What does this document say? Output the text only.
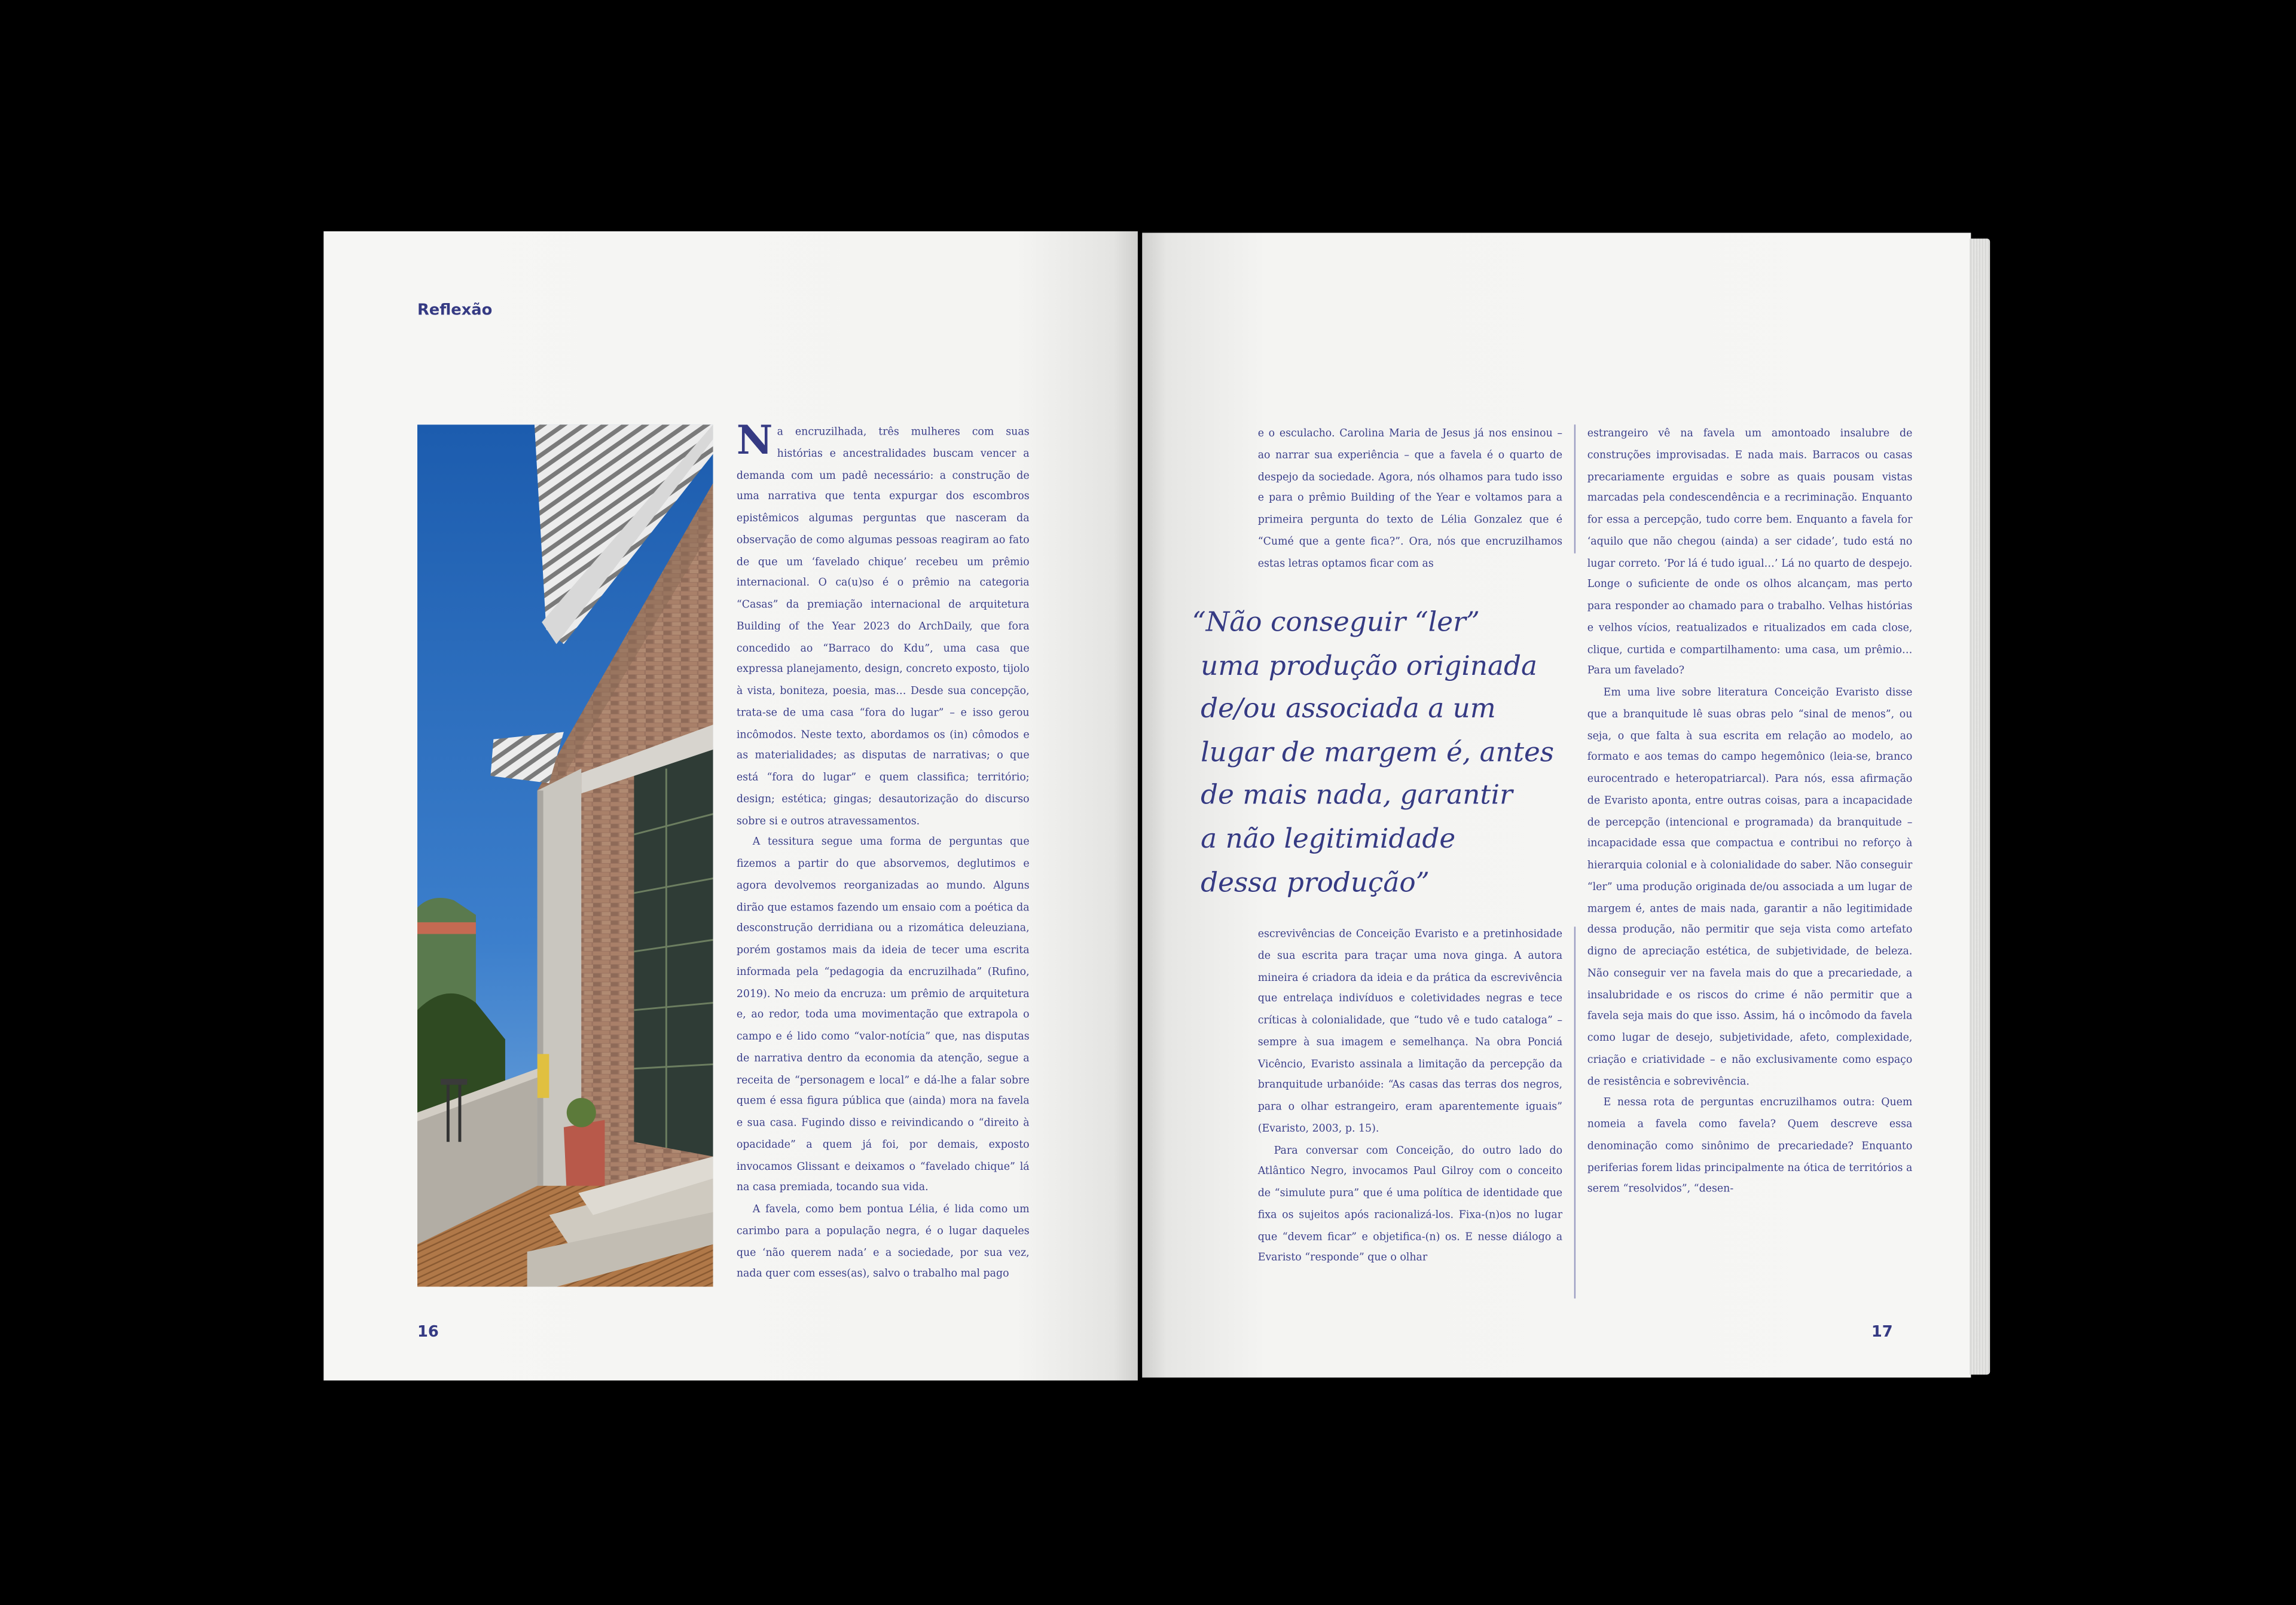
Reflexão

N a encruzilhada, três mulheres com suas histórias e ancestralidades buscam vencer a demanda com um padê necessário: a construção de uma narrativa que tenta expurgar dos escombros epistêmicos algumas perguntas que nasceram da observação de como algumas pessoas reagiram ao fato de que um ‘favelado chique’ recebeu um prêmio internacional. O ca(u)so é o prêmio na categoria “Casas” da premiação internacional de arquitetura Building of the Year 2023 do ArchDaily, que fora concedido ao “Barraco do Kdu”, uma casa que expressa planejamento, design, concreto exposto, tijolo à vista, boniteza, poesia, mas… Desde sua concepção, trata-se de uma casa “fora do lugar” – e isso gerou incômodos. Neste texto, abordamos os (in) cômodos e as materialidades; as disputas de narrativas; o que está “fora do lugar” e quem classifica; território; design; estética; gingas; desautorização do discurso sobre si e outros atravessamentos.

A tessitura segue uma forma de perguntas que fizemos a partir do que absorvemos, deglutimos e agora devolvemos reorganizadas ao mundo. Alguns dirão que estamos fazendo um ensaio com a poética da desconstrução derridiana ou a rizomática deleuziana, porém gostamos mais da ideia de tecer uma escrita informada pela “pedagogia da encruzilhada” (Rufino, 2019). No meio da encruza: um prêmio de arquitetura e, ao redor, toda uma movimentação que extrapola o campo e é lido como “valor-notícia” que, nas disputas de narrativa dentro da economia da atenção, segue a receita de “personagem e local” e dá-lhe a falar sobre quem é essa figura pública que (ainda) mora na favela e sua casa. Fugindo disso e reivindicando o “direito à opacidade” a quem já foi, por demais, exposto invocamos Glissant e deixamos o “favelado chique” lá na casa premiada, tocando sua vida.

A favela, como bem pontua Lélia, é lida como um carimbo para a população negra, é o lugar daqueles que ‘não querem nada’ e a sociedade, por sua vez, nada quer com esses(as), salvo o trabalho mal pago

16

e o esculacho. Carolina Maria de Jesus já nos ensinou – ao narrar sua experiência – que a favela é o quarto de despejo da sociedade. Agora, nós olhamos para tudo isso e para o prêmio Building of the Year e voltamos para a primeira pergunta do texto de Lélia Gonzalez que é “Cumé que a gente fica?”. Ora, nós que encruzilhamos estas letras optamos ficar com as

“Não conseguir “ler”
uma produção originada
de/ou associada a um
lugar de margem é, antes
de mais nada, garantir
a não legitimidade
dessa produção”

escrevivências de Conceição Evaristo e a pretinhosidade de sua escrita para traçar uma nova ginga. A autora mineira é criadora da ideia e da prática da escrevivência que entrelaça indivíduos e coletividades negras e tece críticas à colonialidade, que “tudo vê e tudo cataloga” – sempre à sua imagem e semelhança. Na obra Ponciá Vicêncio, Evaristo assinala a limitação da percepção da branquitude urbanóide: “As casas das terras dos negros, para o olhar estrangeiro, eram aparentemente iguais” (Evaristo, 2003, p. 15).

Para conversar com Conceição, do outro lado do Atlântico Negro, invocamos Paul Gilroy com o conceito de “simulute pura” que é uma política de identidade que fixa os sujeitos após racionalizá-los. Fixa-(n)os no lugar que “devem ficar” e objetifica-(n) os. E nesse diálogo a Evaristo “responde” que o olhar

estrangeiro vê na favela um amontoado insalubre de construções improvisadas. E nada mais. Barracos ou casas precariamente erguidas e sobre as quais pousam vistas marcadas pela condescendência e a recriminação. Enquanto for essa a percepção, tudo corre bem. Enquanto a favela for ‘aquilo que não chegou (ainda) a ser cidade’, tudo está no lugar correto. ‘Por lá é tudo igual…’ Lá no quarto de despejo. Longe o suficiente de onde os olhos alcançam, mas perto para responder ao chamado para o trabalho. Velhas histórias e velhos vícios, reatualizados e ritualizados em cada close, clique, curtida e compartilhamento: uma casa, um prêmio… Para um favelado?

Em uma live sobre literatura Conceição Evaristo disse que a branquitude lê suas obras pelo “sinal de menos”, ou seja, o que falta à sua escrita em relação ao modelo, ao formato e aos temas do campo hegemônico (leia-se, branco eurocentrado e heteropatriarcal). Para nós, essa afirmação de Evaristo aponta, entre outras coisas, para a incapacidade de percepção (intencional e programada) da branquitude – incapacidade essa que compactua e contribui no reforço à hierarquia colonial e à colonialidade do saber. Não conseguir “ler” uma produção originada de/ou associada a um lugar de margem é, antes de mais nada, garantir a não legitimidade dessa produção, não permitir que seja vista como artefato digno de apreciação estética, de subjetividade, de beleza. Não conseguir ver na favela mais do que a precariedade, a insalubridade e os riscos do crime é não permitir que a favela seja mais do que isso. Assim, há o incômodo da favela como lugar de desejo, subjetividade, afeto, complexidade, criação e criatividade – e não exclusivamente como espaço de resistência e sobrevivência.

E nessa rota de perguntas encruzilhamos outra: Quem nomeia a favela como favela? Quem descreve essa denominação como sinônimo de precariedade? Enquanto periferias forem lidas principalmente na ótica de territórios a serem “resolvidos”, “desen-

17
